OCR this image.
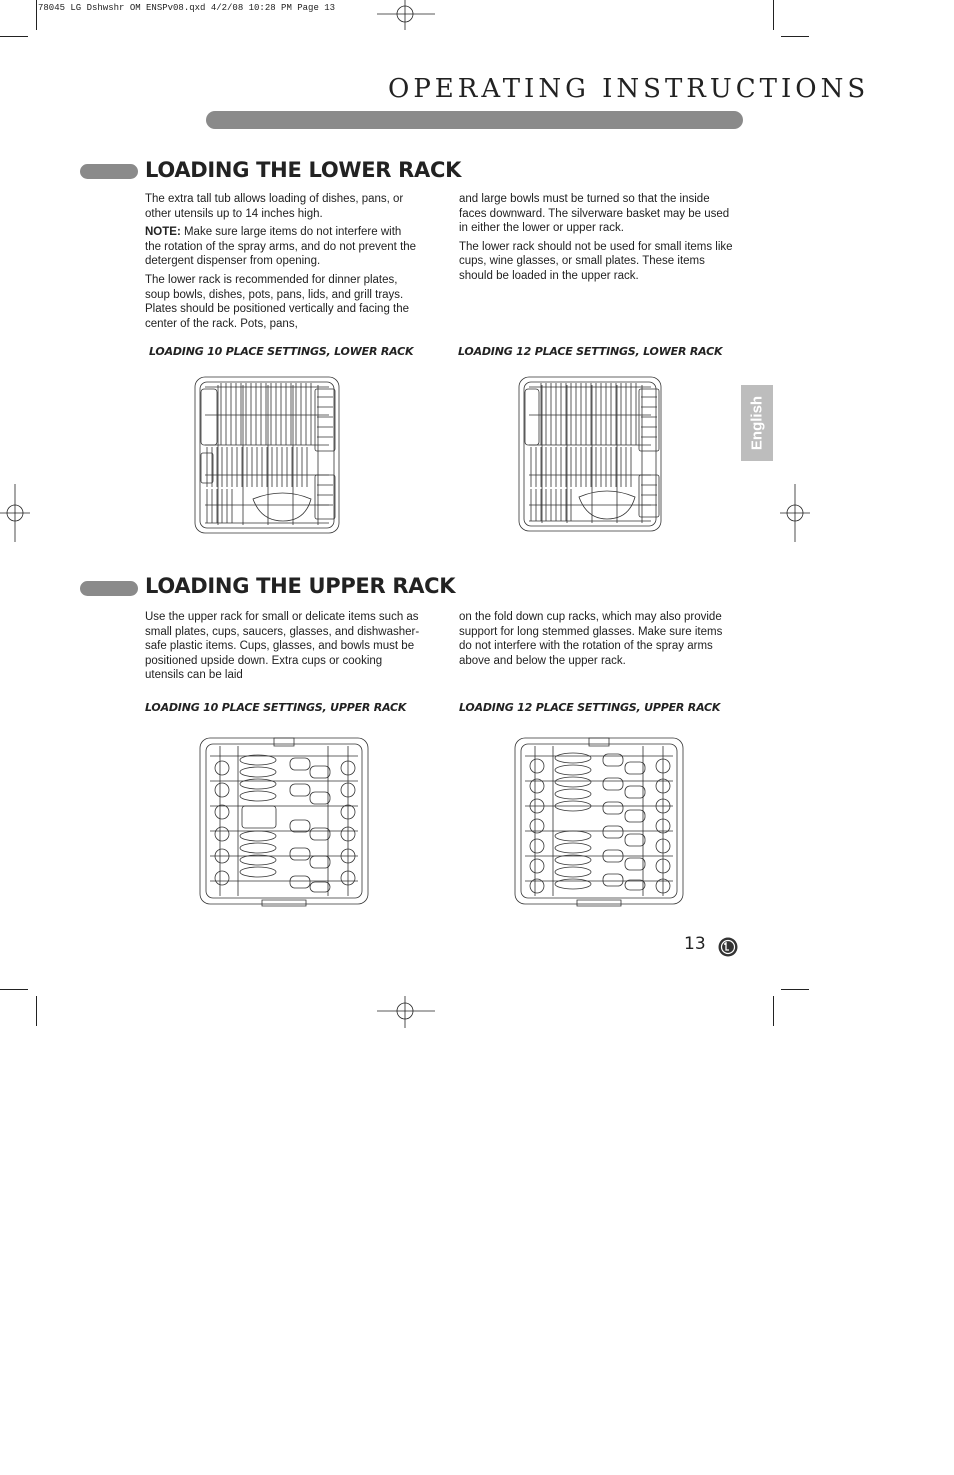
78045 LG Dshwshr OM ENSPv08.qxd 4/2/08 10:28 PM Page 13
OPERATING INSTRUCTIONS
LOADING THE LOWER RACK

The extra tall tub allows loading of dishes, pans, or other utensils up to 14 inches high.

NOTE: Make sure large items do not interfere with the rotation of the spray arms, and do not prevent the detergent dispenser from opening.

The lower rack is recommended for dinner plates, soup bowls, dishes, pots, pans, lids, and grill trays. Plates should be positioned vertically and facing the center of the rack. Pots, pans,

and large bowls must be turned so that the inside faces downward. The silverware basket may be used in either the lower or upper rack.

The lower rack should not be used for small items like cups, wine glasses, or small plates. These items should be loaded in the upper rack.

LOADING 10 PLACE SETTINGS, LOWER RACK	LOADING 12 PLACE SETTINGS, LOWER RACK
English
LOADING THE UPPER RACK

Use the upper rack for small or delicate items such as small plates, cups, saucers, glasses, and dishwasher-safe plastic items. Cups, glasses, and bowls must be positioned upside down. Extra cups or cooking utensils can be laid

on the fold down cup racks, which may also provide support for long stemmed glasses. Make sure items do not interfere with the rotation of the spray arms above and below the upper rack.

LOADING 10 PLACE SETTINGS, UPPER RACK	LOADING 12 PLACE SETTINGS, UPPER RACK
13
